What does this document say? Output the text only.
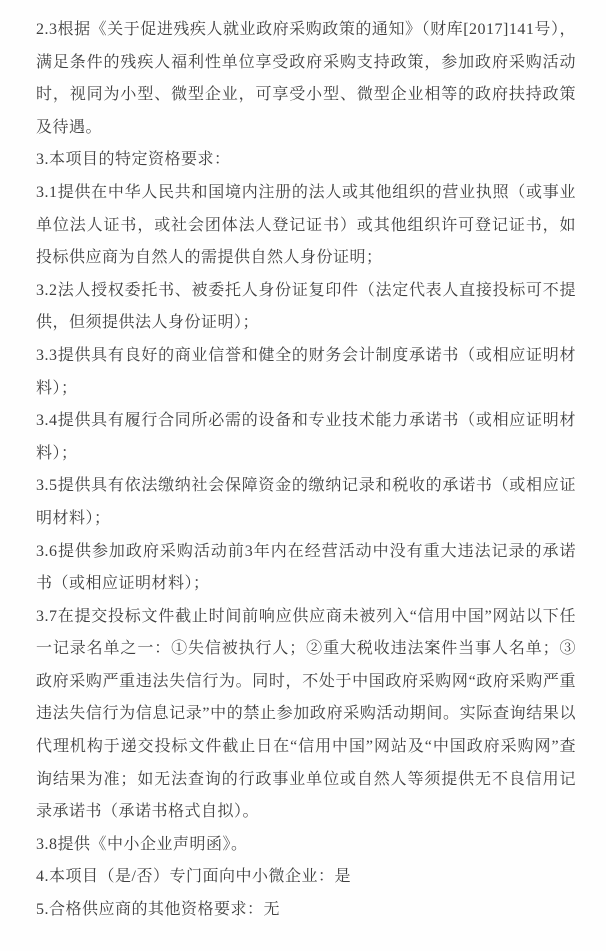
2.3根据《关于促进残疾人就业政府采购政策的通知》（财库[2017]141号），满足条件的残疾人福利性单位享受政府采购支持政策，参加政府采购活动时，视同为小型、微型企业，可享受小型、微型企业相等的政府扶持政策及待遇。

3.本项目的特定资格要求：

3.1提供在中华人民共和国境内注册的法人或其他组织的营业执照（或事业单位法人证书，或社会团体法人登记证书）或其他组织许可登记证书，如投标供应商为自然人的需提供自然人身份证明；

3.2法人授权委托书、被委托人身份证复印件（法定代表人直接投标可不提供，但须提供法人身份证明）；

3.3提供具有良好的商业信誉和健全的财务会计制度承诺书（或相应证明材料）；

3.4提供具有履行合同所必需的设备和专业技术能力承诺书（或相应证明材料）；

3.5提供具有依法缴纳社会保障资金的缴纳记录和税收的承诺书（或相应证明材料）；

3.6提供参加政府采购活动前3年内在经营活动中没有重大违法记录的承诺书（或相应证明材料）；

3.7在提交投标文件截止时间前响应供应商未被列入“信用中国”网站以下任一记录名单之一：①失信被执行人；②重大税收违法案件当事人名单；③政府采购严重违法失信行为。同时，不处于中国政府采购网“政府采购严重违法失信行为信息记录”中的禁止参加政府采购活动期间。实际查询结果以代理机构于递交投标文件截止日在“信用中国”网站及“中国政府采购网”查询结果为准；如无法查询的行政事业单位或自然人等须提供无不良信用记录承诺书（承诺书格式自拟）。

3.8提供《中小企业声明函》。

4.本项目（是/否）专门面向中小微企业：是

5.合格供应商的其他资格要求：无
